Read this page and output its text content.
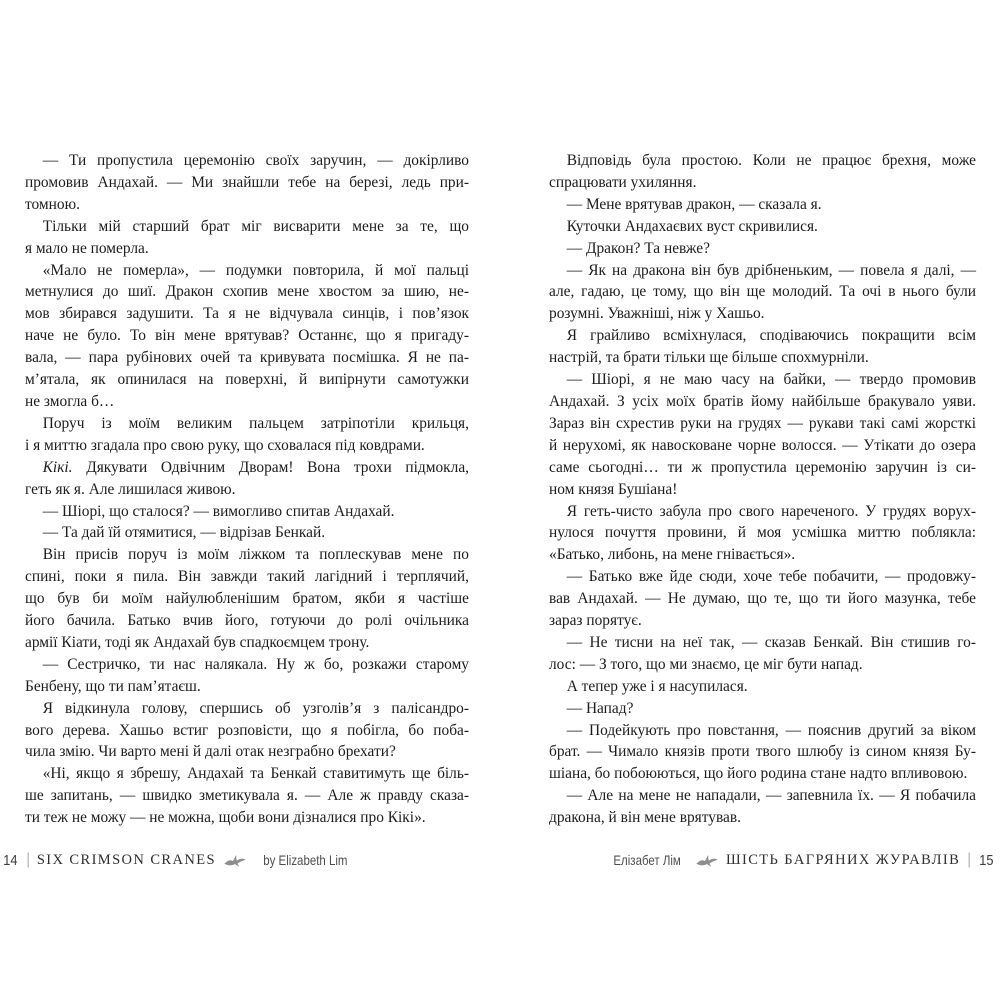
— Ти пропустила церемонію своїх заручин, — докірливо
промовив Андахай. — Ми знайшли тебе на березі, ледь при-
томною.
Тільки мій старший брат міг висварити мене за те, що
я мало не померла.
«Мало не померла», — подумки повторила, й мої пальці
метнулися до шиї. Дракон схопив мене хвостом за шию, не-
мов збирався задушити. Та я не відчувала синців, і пов’язок
наче не було. То він мене врятував? Останнє, що я пригаду-
вала, — пара рубінових очей та кривувата посмішка. Я не па-
м’ятала, як опинилася на поверхні, й випірнути самотужки
не змогла б…
Поруч із моїм великим пальцем затріпотіли крильця,
і я миттю згадала про свою руку, що сховалася під ковдрами.
Кікі. Дякувати Одвічним Дворам! Вона трохи підмокла,
геть як я. Але лишилася живою.
— Шіорі, що сталося? — вимогливо спитав Андахай.
— Та дай їй отямитися, — відрізав Бенкай.
Він присів поруч із моїм ліжком та поплескував мене по
спині, поки я пила. Він завжди такий лагідний і терплячий,
що був би моїм найулюбленішим братом, якби я частіше
його бачила. Батько вчив його, готуючи до ролі очільника
армії Кіати, тоді як Андахай був спадкоємцем трону.
— Сестричко, ти нас налякала. Ну ж бо, розкажи старому
Бенбену, що ти пам’ятаєш.
Я відкинула голову, спершись об узголів’я з палісандро-
вого дерева. Хашьо встиг розповісти, що я побігла, бо поба-
чила змію. Чи варто мені й далі отак незграбно брехати?
«Ні, якщо я збрешу, Андахай та Бенкай ставитимуть ще біль-
ше запитань, — швидко зметикувала я. — Але ж правду сказа-
ти теж не можу — не можна, щоби вони дізналися про Кікі».
Відповідь була простою. Коли не працює брехня, може
спрацювати ухиляння.
— Мене врятував дракон, — сказала я.
Куточки Андахаєвих вуст скривилися.
— Дракон? Та невже?
— Як на дракона він був дрібненьким, — повела я далі, —
але, гадаю, це тому, що він ще молодий. Та очі в нього були
розумні. Уважніші, ніж у Хашьо.
Я грайливо всміхнулася, сподіваючись покращити всім
настрій, та брати тільки ще більше спохмурніли.
— Шіорі, я не маю часу на байки, — твердо промовив
Андахай. З усіх моїх братів йому найбільше бракувало уяви.
Зараз він схрестив руки на грудях — рукави такі самі жорсткі
й нерухомі, як навосковане чорне волосся. — Утікати до озера
саме сьогодні… ти ж пропустила церемонію заручин із си-
ном князя Бушіана!
Я геть-чисто забула про свого нареченого. У грудях ворух-
нулося почуття провини, й моя усмішка миттю поблякла:
«Батько, либонь, на мене гнівається».
— Батько вже йде сюди, хоче тебе побачити, — продовжу-
вав Андахай. — Не думаю, що те, що ти його мазунка, тебе
зараз порятує.
— Не тисни на неї так, — сказав Бенкай. Він стишив го-
лос: — З того, що ми знаємо, це міг бути напад.
А тепер уже і я насупилася.
— Напад?
— Подейкують про повстання, — пояснив другий за віком
брат. — Чимало князів проти твого шлюбу із сином князя Бу-
шіана, бо побоюються, що його родина стане надто впливовою.
— Але на мене не нападали, — запевнила їх. — Я побачила
дракона, й він мене врятував.
14 | SIX CRIMSON CRANES	by Elizabeth Lim	Елізабет Лім	ШІСТЬ БАГРЯНИХ ЖУРАВЛІВ | 15
